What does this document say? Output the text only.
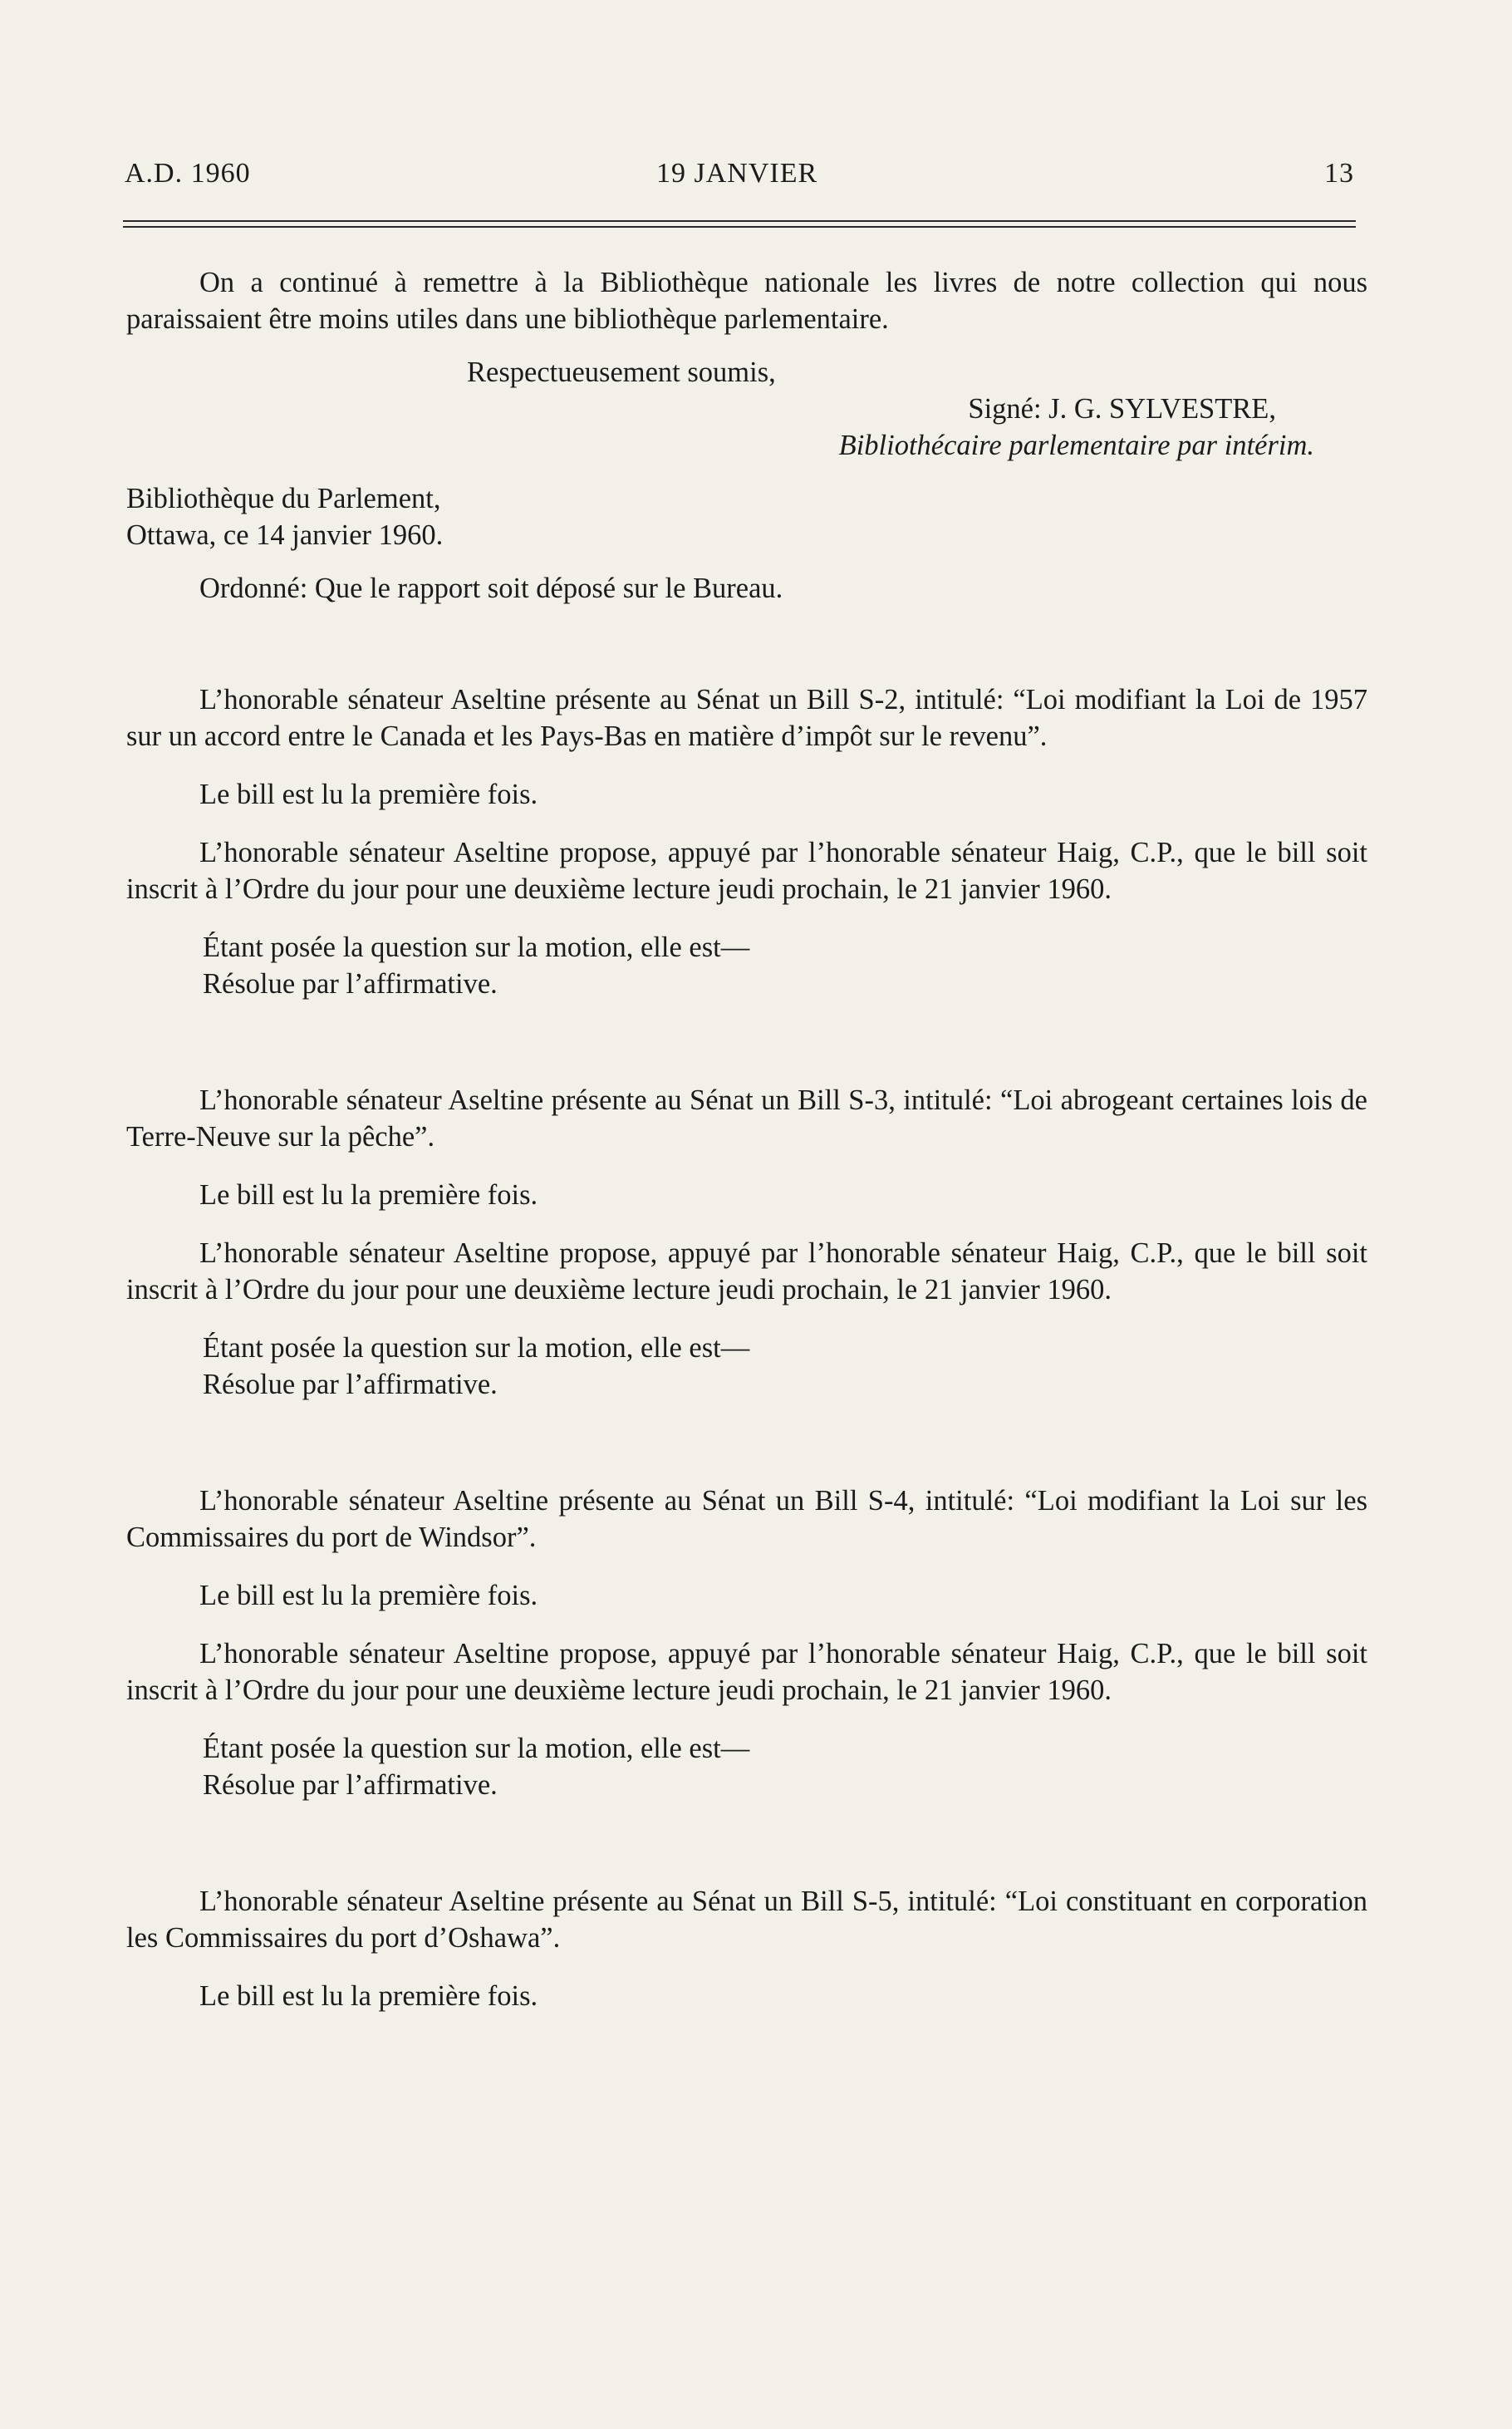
A.D. 1960	19 JANVIER	13

On a continué à remettre à la Bibliothèque nationale les livres de notre collection qui nous paraissaient être moins utiles dans une bibliothèque parlementaire.

Respectueusement soumis,

Signé: J. G. SYLVESTRE,

Bibliothécaire parlementaire par intérim.

Bibliothèque du Parlement,

Ottawa, ce 14 janvier 1960.

Ordonné: Que le rapport soit déposé sur le Bureau.

L’honorable sénateur Aseltine présente au Sénat un Bill S-2, intitulé: “Loi modifiant la Loi de 1957 sur un accord entre le Canada et les Pays-Bas en matière d’impôt sur le revenu”.

Le bill est lu la première fois.

L’honorable sénateur Aseltine propose, appuyé par l’honorable sénateur Haig, C.P., que le bill soit inscrit à l’Ordre du jour pour une deuxième lecture jeudi prochain, le 21 janvier 1960.

Étant posée la question sur la motion, elle est—

Résolue par l’affirmative.

L’honorable sénateur Aseltine présente au Sénat un Bill S-3, intitulé: “Loi abrogeant certaines lois de Terre-Neuve sur la pêche”.

Le bill est lu la première fois.

L’honorable sénateur Aseltine propose, appuyé par l’honorable sénateur Haig, C.P., que le bill soit inscrit à l’Ordre du jour pour une deuxième lecture jeudi prochain, le 21 janvier 1960.

Étant posée la question sur la motion, elle est—

Résolue par l’affirmative.

L’honorable sénateur Aseltine présente au Sénat un Bill S-4, intitulé: “Loi modifiant la Loi sur les Commissaires du port de Windsor”.

Le bill est lu la première fois.

L’honorable sénateur Aseltine propose, appuyé par l’honorable sénateur Haig, C.P., que le bill soit inscrit à l’Ordre du jour pour une deuxième lecture jeudi prochain, le 21 janvier 1960.

Étant posée la question sur la motion, elle est—

Résolue par l’affirmative.

L’honorable sénateur Aseltine présente au Sénat un Bill S-5, intitulé: “Loi constituant en corporation les Commissaires du port d’Oshawa”.

Le bill est lu la première fois.
